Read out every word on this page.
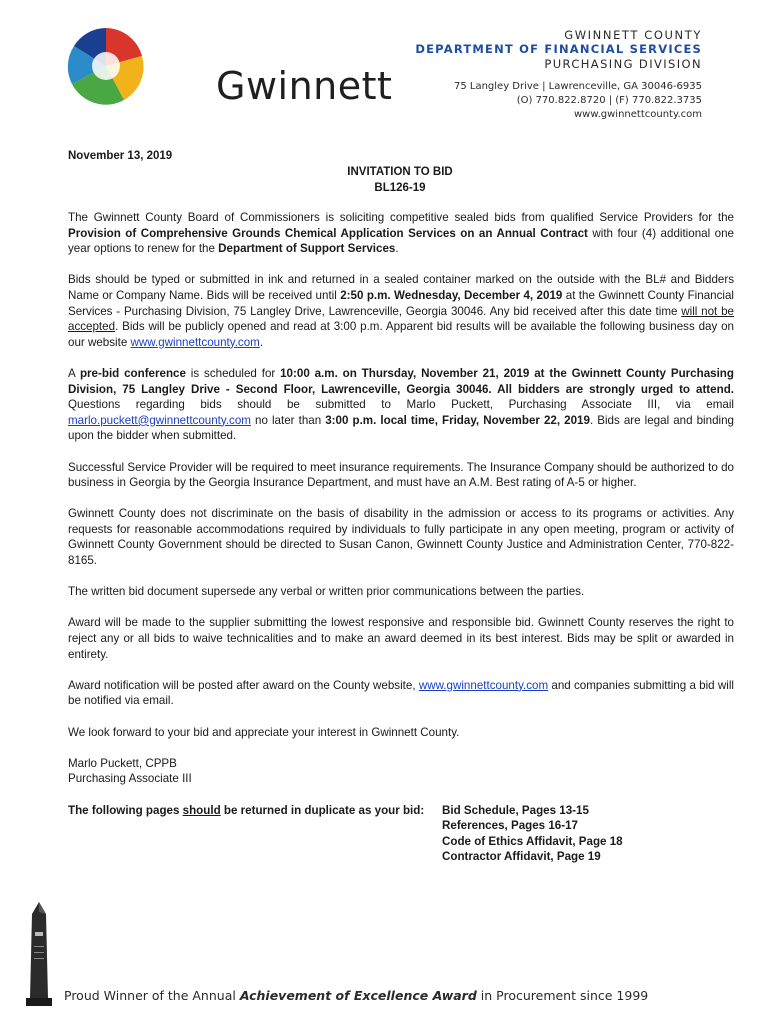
Gwinnett
GWINNETT COUNTY
DEPARTMENT OF FINANCIAL SERVICES
PURCHASING DIVISION
75 Langley Drive | Lawrenceville, GA 30046-6935
(O) 770.822.8720 | (F) 770.822.3735
www.gwinnettcounty.com
November 13, 2019
INVITATION TO BID
BL126-19

The Gwinnett County Board of Commissioners is soliciting competitive sealed bids from qualified Service Providers for the Provision of Comprehensive Grounds Chemical Application Services on an Annual Contract with four (4) additional one year options to renew for the Department of Support Services.

Bids should be typed or submitted in ink and returned in a sealed container marked on the outside with the BL# and Bidders Name or Company Name. Bids will be received until 2:50 p.m. Wednesday, December 4, 2019 at the Gwinnett County Financial Services - Purchasing Division, 75 Langley Drive, Lawrenceville, Georgia 30046. Any bid received after this date time will not be accepted. Bids will be publicly opened and read at 3:00 p.m. Apparent bid results will be available the following business day on our website www.gwinnettcounty.com.

A pre-bid conference is scheduled for 10:00 a.m. on Thursday, November 21, 2019 at the Gwinnett County Purchasing Division, 75 Langley Drive - Second Floor, Lawrenceville, Georgia 30046. All bidders are strongly urged to attend. Questions regarding bids should be submitted to Marlo Puckett, Purchasing Associate III, via email marlo.puckett@gwinnettcounty.com no later than 3:00 p.m. local time, Friday, November 22, 2019. Bids are legal and binding upon the bidder when submitted.

Successful Service Provider will be required to meet insurance requirements. The Insurance Company should be authorized to do business in Georgia by the Georgia Insurance Department, and must have an A.M. Best rating of A-5 or higher.

Gwinnett County does not discriminate on the basis of disability in the admission or access to its programs or activities. Any requests for reasonable accommodations required by individuals to fully participate in any open meeting, program or activity of Gwinnett County Government should be directed to Susan Canon, Gwinnett County Justice and Administration Center, 770-822-8165.

The written bid document supersede any verbal or written prior communications between the parties.

Award will be made to the supplier submitting the lowest responsive and responsible bid. Gwinnett County reserves the right to reject any or all bids to waive technicalities and to make an award deemed in its best interest. Bids may be split or awarded in entirety.

Award notification will be posted after award on the County website, www.gwinnettcounty.com and companies submitting a bid will be notified via email.

We look forward to your bid and appreciate your interest in Gwinnett County.

Marlo Puckett, CPPB
Purchasing Associate III

The following pages should be returned in duplicate as your bid: Bid Schedule, Pages 13-15
References, Pages 16-17
Code of Ethics Affidavit, Page 18
Contractor Affidavit, Page 19
Proud Winner of the Annual Achievement of Excellence Award in Procurement since 1999
